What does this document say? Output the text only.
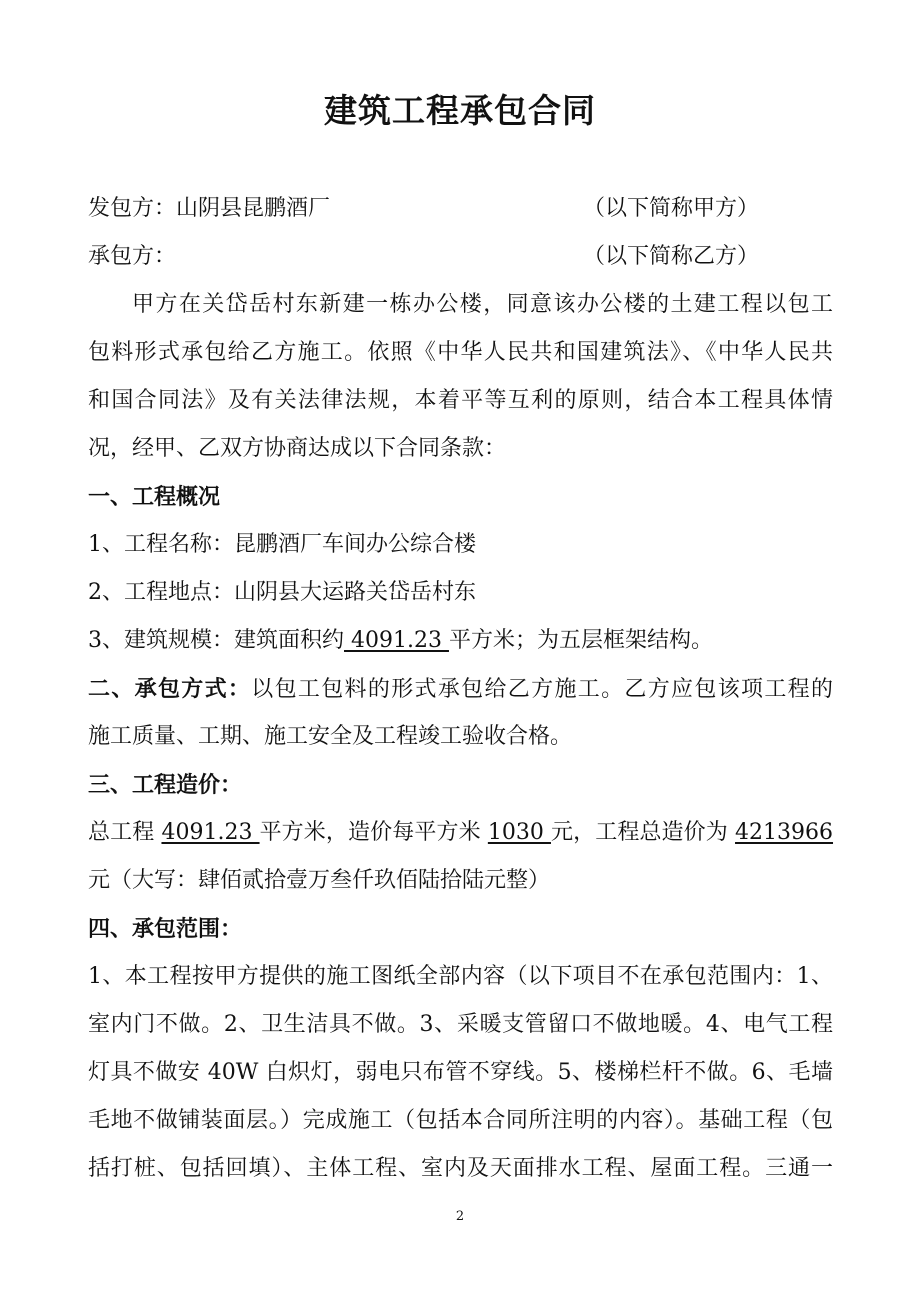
建筑工程承包合同
发包方：山阴县昆鹏酒厂	（以下简称甲方）
承包方：	（以下简称乙方）
甲方在关岱岳村东新建一栋办公楼，同意该办公楼的土建工程以包工
包料形式承包给乙方施工。依照《中华人民共和国建筑法》、《中华人民共
和国合同法》及有关法律法规，本着平等互利的原则，结合本工程具体情
况，经甲、乙双方协商达成以下合同条款：
一、工程概况
1、工程名称：昆鹏酒厂车间办公综合楼
2、工程地点：山阴县大运路关岱岳村东
3、建筑规模：建筑面积约 4091.23 平方米；为五层框架结构。
二、承包方式：以包工包料的形式承包给乙方施工。乙方应包该项工程的
施工质量、工期、施工安全及工程竣工验收合格。
三、工程造价：
总工程 4091.23 平方米，造价每平方米 1030 元，工程总造价为 4213966
元（大写：肆佰贰拾壹万叁仟玖佰陆拾陆元整）
四、承包范围：
1、本工程按甲方提供的施工图纸全部内容（以下项目不在承包范围内：1、
室内门不做。2、卫生洁具不做。3、采暖支管留口不做地暖。4、电气工程
灯具不做安 40W 白炽灯，弱电只布管不穿线。5、楼梯栏杆不做。6、毛墙
毛地不做铺装面层。）完成施工（包括本合同所注明的内容）。基础工程（包
括打桩、包括回填）、主体工程、室内及天面排水工程、屋面工程。三通一
2
